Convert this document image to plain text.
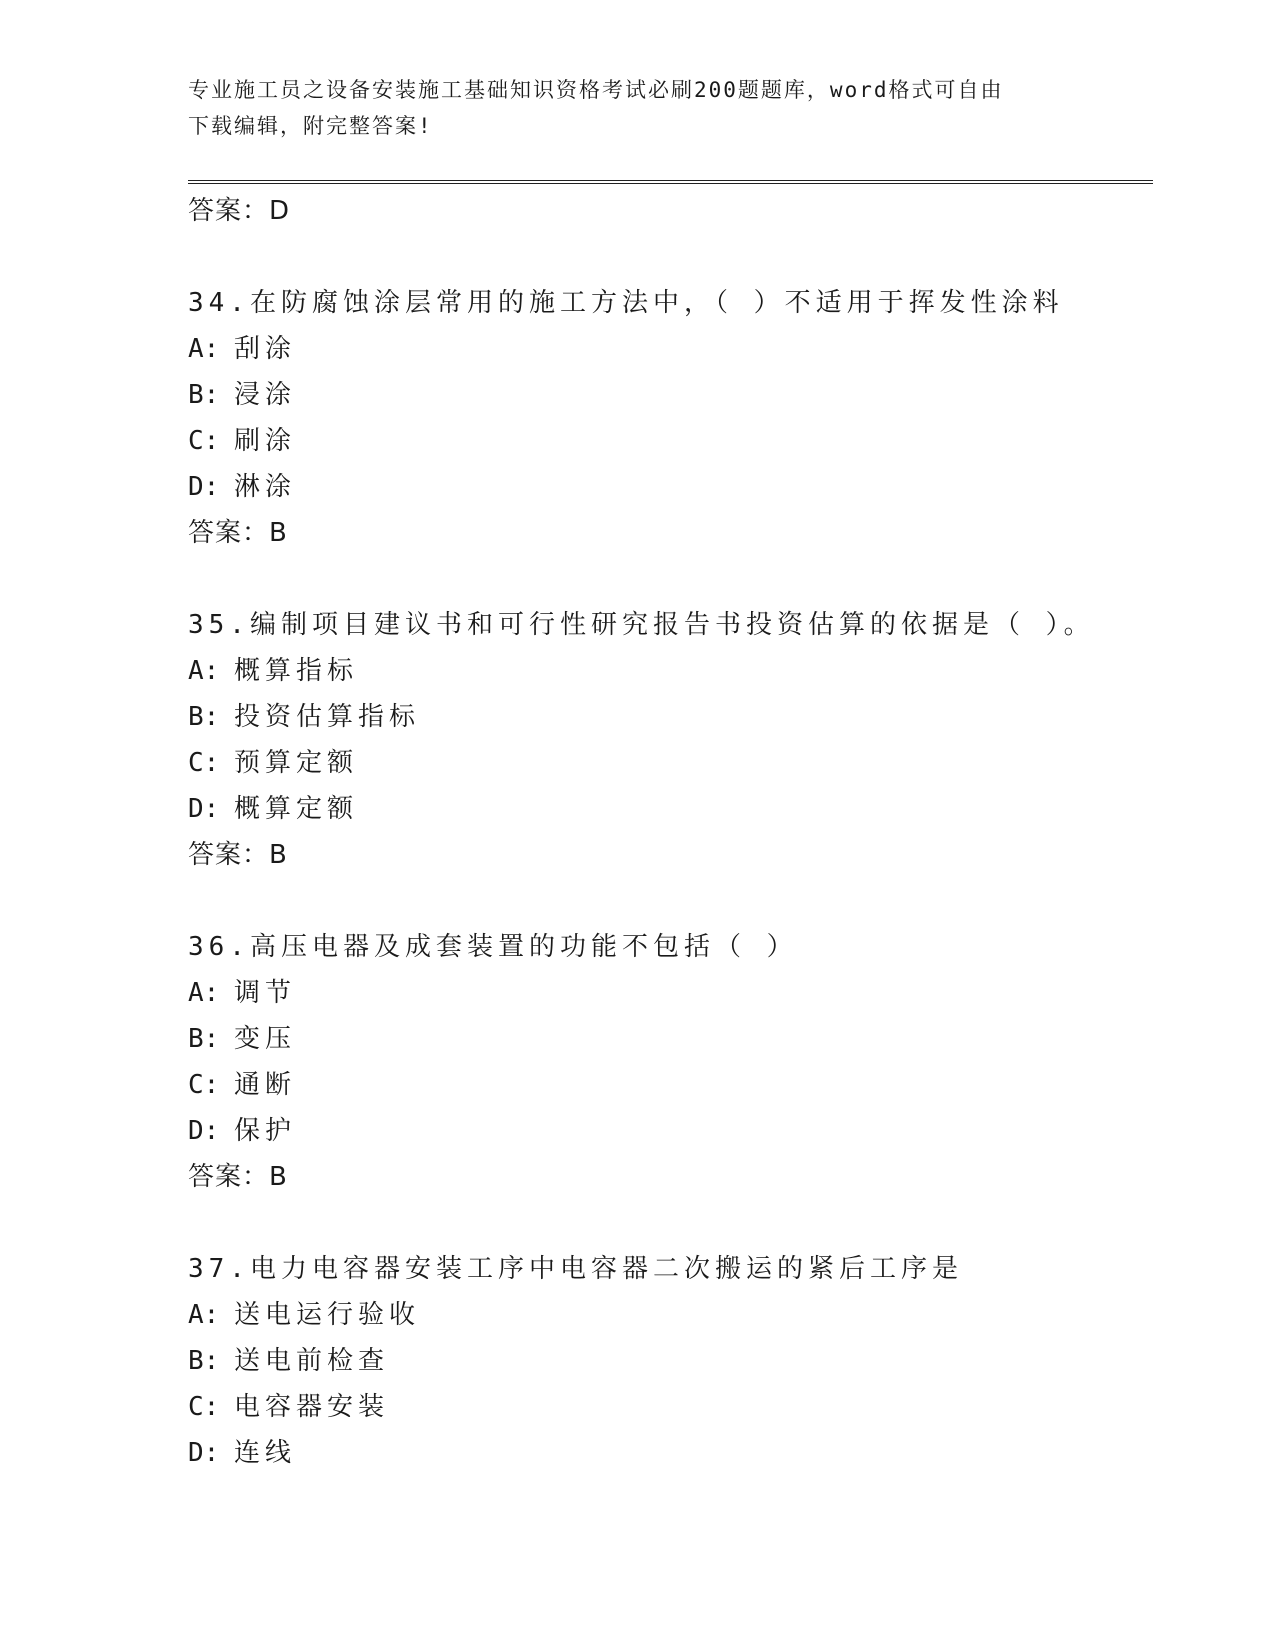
专业施工员之设备安装施工基础知识资格考试必刷200题题库，word格式可自由
下载编辑，附完整答案!
答案：D
34.在防腐蚀涂层常用的施工方法中，（ ）不适用于挥发性涂料
A: 刮涂
B: 浸涂
C: 刷涂
D: 淋涂
答案：B
35.编制项目建议书和可行性研究报告书投资估算的依据是（ ）。
A: 概算指标
B: 投资估算指标
C: 预算定额
D: 概算定额
答案：B
36.高压电器及成套装置的功能不包括（ ）
A: 调节
B: 变压
C: 通断
D: 保护
答案：B
37.电力电容器安装工序中电容器二次搬运的紧后工序是
A: 送电运行验收
B: 送电前检查
C: 电容器安装
D: 连线
